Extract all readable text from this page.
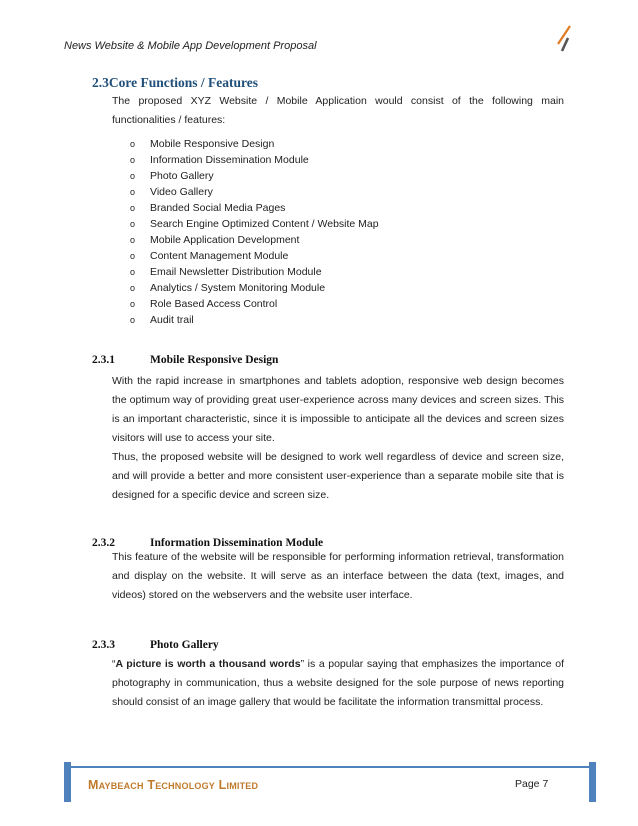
News Website & Mobile App Development Proposal
2.3Core Functions / Features
The proposed XYZ Website / Mobile Application would consist of the following main functionalities / features:
o Mobile Responsive Design
o Information Dissemination Module
o Photo Gallery
o Video Gallery
o Branded Social Media Pages
o Search Engine Optimized Content / Website Map
o Mobile Application Development
o Content Management Module
o Email Newsletter Distribution Module
o Analytics / System Monitoring Module
o Role Based Access Control
o Audit trail
2.3.1	Mobile Responsive Design
With the rapid increase in smartphones and tablets adoption, responsive web design becomes the optimum way of providing great user-experience across many devices and screen sizes. This is an important characteristic, since it is impossible to anticipate all the devices and screen sizes visitors will use to access your site.
Thus, the proposed website will be designed to work well regardless of device and screen size, and will provide a better and more consistent user-experience than a separate mobile site that is designed for a specific device and screen size.
2.3.2	Information Dissemination Module
This feature of the website will be responsible for performing information retrieval, transformation and display on the website. It will serve as an interface between the data (text, images, and videos) stored on the webservers and the website user interface.
2.3.3	Photo Gallery
“A picture is worth a thousand words” is a popular saying that emphasizes the importance of photography in communication, thus a website designed for the sole purpose of news reporting should consist of an image gallery that would be facilitate the information transmittal process.
Maybeach Technology Limited	Page 7
